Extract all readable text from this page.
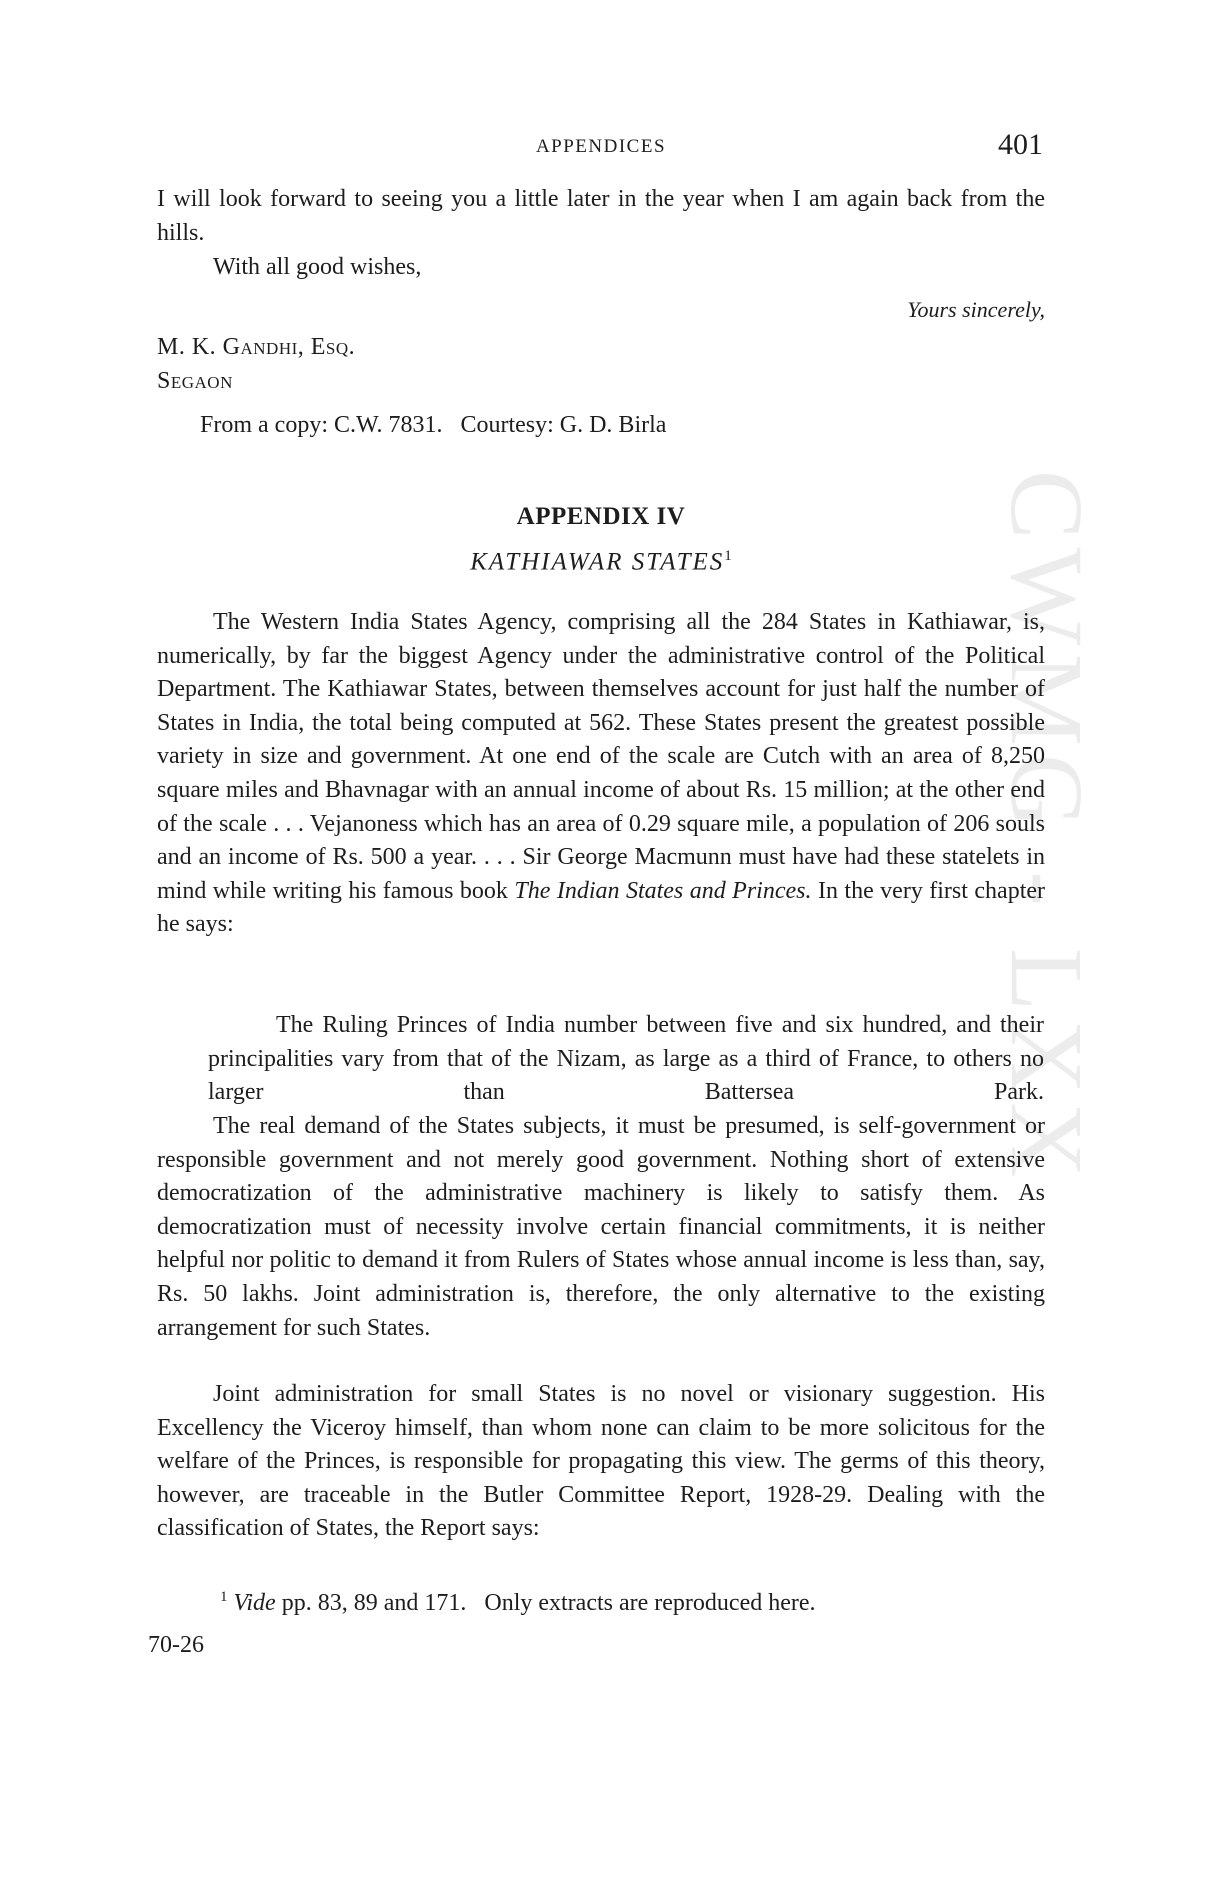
CWMG - LXX
APPENDICES	401

I will look forward to seeing you a little later in the year when I am again back from the hills.

With all good wishes,
Yours sincerely,
M. K. Gandhi, Esq.
Segaon
From a copy: C.W. 7831.   Courtesy: G. D. Birla
APPENDIX IV
KATHIAWAR STATES$^1$

The Western India States Agency, comprising all the 284 States in Kathiawar, is, numerically, by far the biggest Agency under the administrative control of the Political Department. The Kathiawar States, between themselves account for just half the number of States in India, the total being computed at 562. These States present the greatest possible variety in size and government. At one end of the scale are Cutch with an area of 8,250 square miles and Bhavnagar with an annual income of about Rs. 15 million; at the other end of the scale . . . Vejanoness which has an area of 0.29 square mile, a population of 206 souls and an income of Rs. 500 a year. . . . Sir George Macmunn must have had these statelets in mind while writing his famous book The Indian States and Princes. In the very first chapter he says:

The Ruling Princes of India number between five and six hundred, and their principalities vary from that of the Nizam, as large as a third of France, to others no larger than Battersea Park.

The real demand of the States subjects, it must be presumed, is self-government or responsible government and not merely good government. Nothing short of extensive democratization of the administrative machinery is likely to satisfy them. As democratization must of necessity involve certain financial commitments, it is neither helpful nor politic to demand it from Rulers of States whose annual income is less than, say, Rs. 50 lakhs. Joint administration is, therefore, the only alternative to the existing arrangement for such States.

Joint administration for small States is no novel or visionary suggestion. His Excellency the Viceroy himself, than whom none can claim to be more solicitous for the welfare of the Princes, is responsible for propagating this view. The germs of this theory, however, are traceable in the Butler Committee Report, 1928-29. Dealing with the classification of States, the Report says:

$^1$ Vide pp. 83, 89 and 171.   Only extracts are reproduced here.
70-26
